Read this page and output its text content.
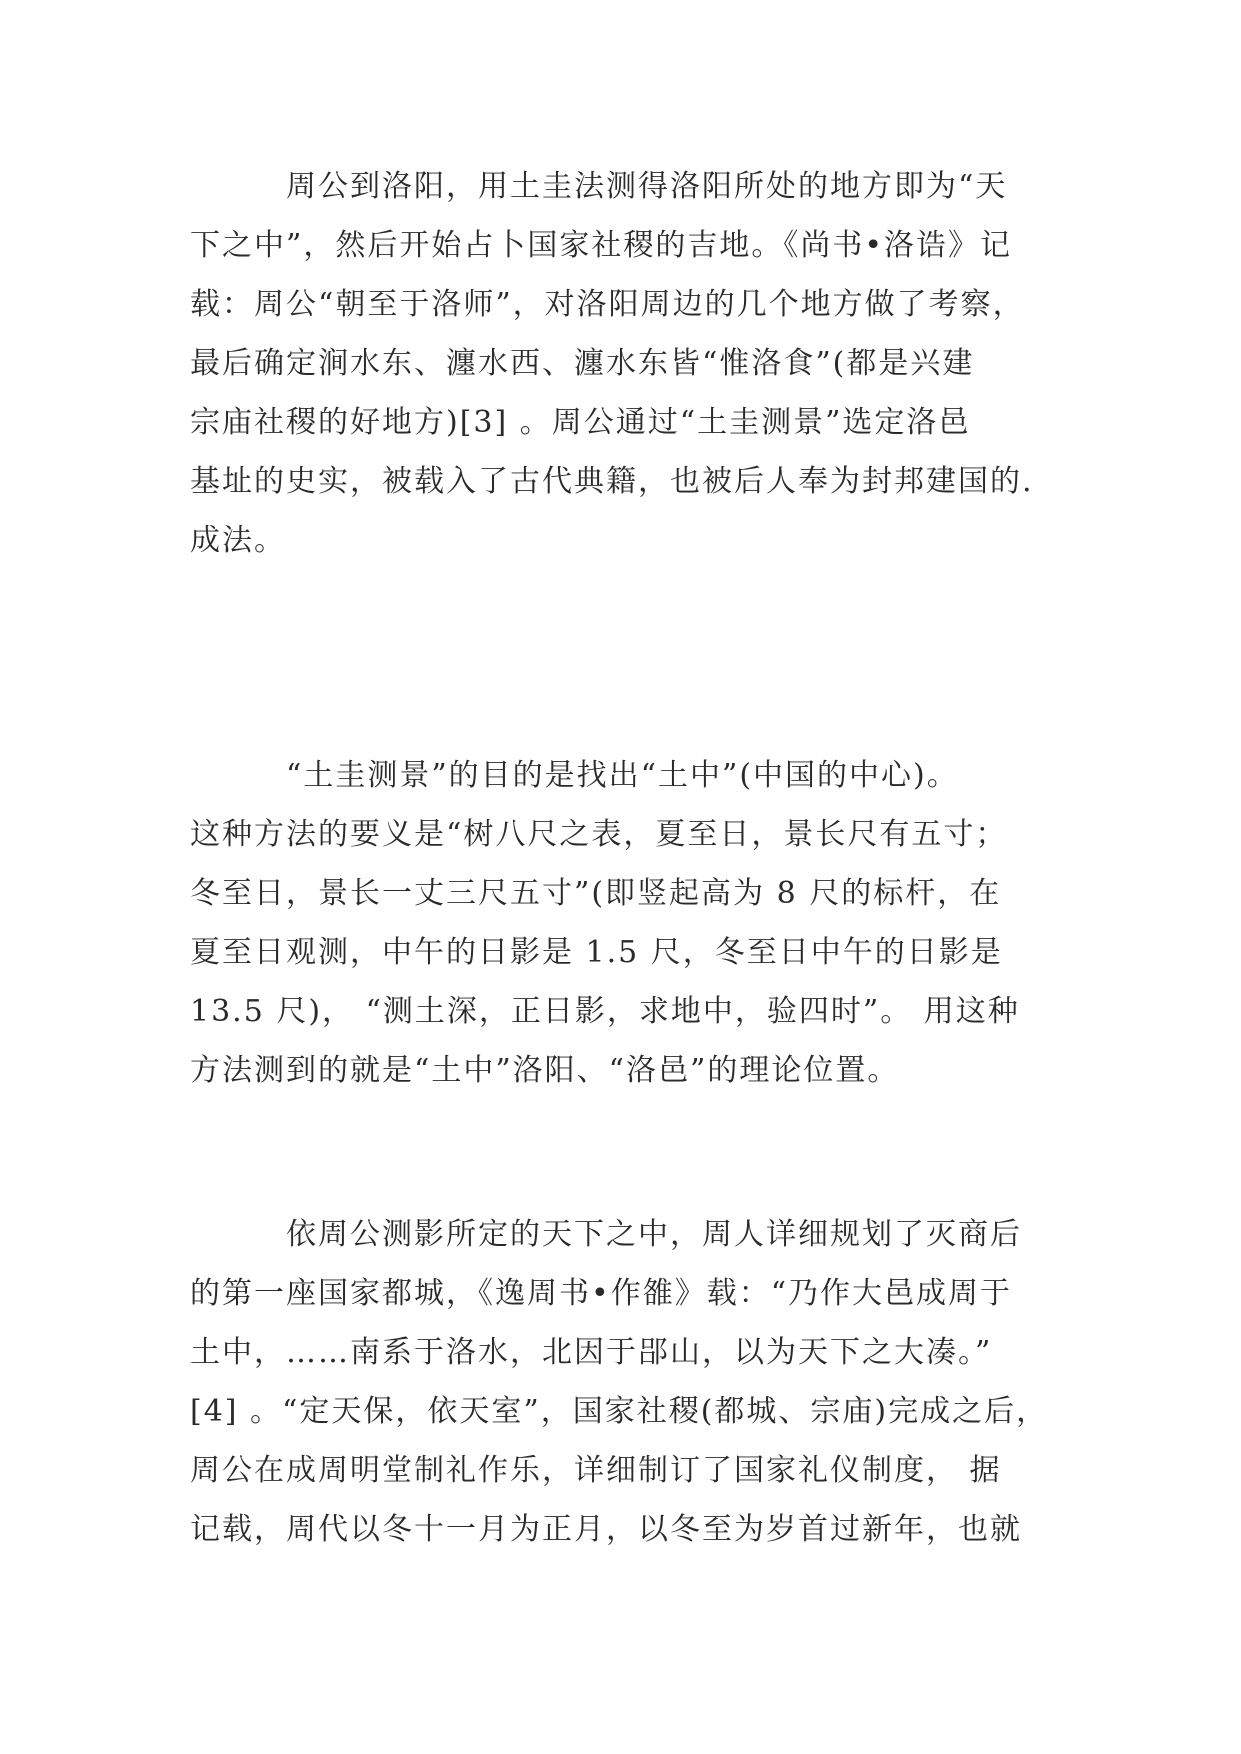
　　　周公到洛阳，用土圭法测得洛阳所处的地方即为“天
下之中”，然后开始占卜国家社稷的吉地。《尚书•洛诰》记
载：周公“朝至于洛师”，对洛阳周边的几个地方做了考察，
最后确定涧水东、瀍水西、瀍水东皆“惟洛食”(都是兴建
宗庙社稷的好地方)[3] 。周公通过“土圭测景”选定洛邑
基址的史实，被载入了古代典籍，也被后人奉为封邦建国的.
成法。

　　　“土圭测景”的目的是找出“土中”(中国的中心)。
这种方法的要义是“树八尺之表，夏至日，景长尺有五寸；
冬至日，景长一丈三尺五寸”(即竖起高为 8 尺的标杆，在
夏至日观测，中午的日影是 1.5 尺，冬至日中午的日影是
13.5 尺)， “测土深，正日影，求地中，验四时”。 用这种
方法测到的就是“土中”洛阳、“洛邑”的理论位置。

　　　依周公测影所定的天下之中，周人详细规划了灭商后
的第一座国家都城，《逸周书•作雒》载：“乃作大邑成周于
土中，……南系于洛水，北因于郘山，以为天下之大凑。”
[4] 。“定天保，依天室”，国家社稷(都城、宗庙)完成之后，
周公在成周明堂制礼作乐，详细制订了国家礼仪制度， 据
记载，周代以冬十一月为正月，以冬至为岁首过新年，也就
